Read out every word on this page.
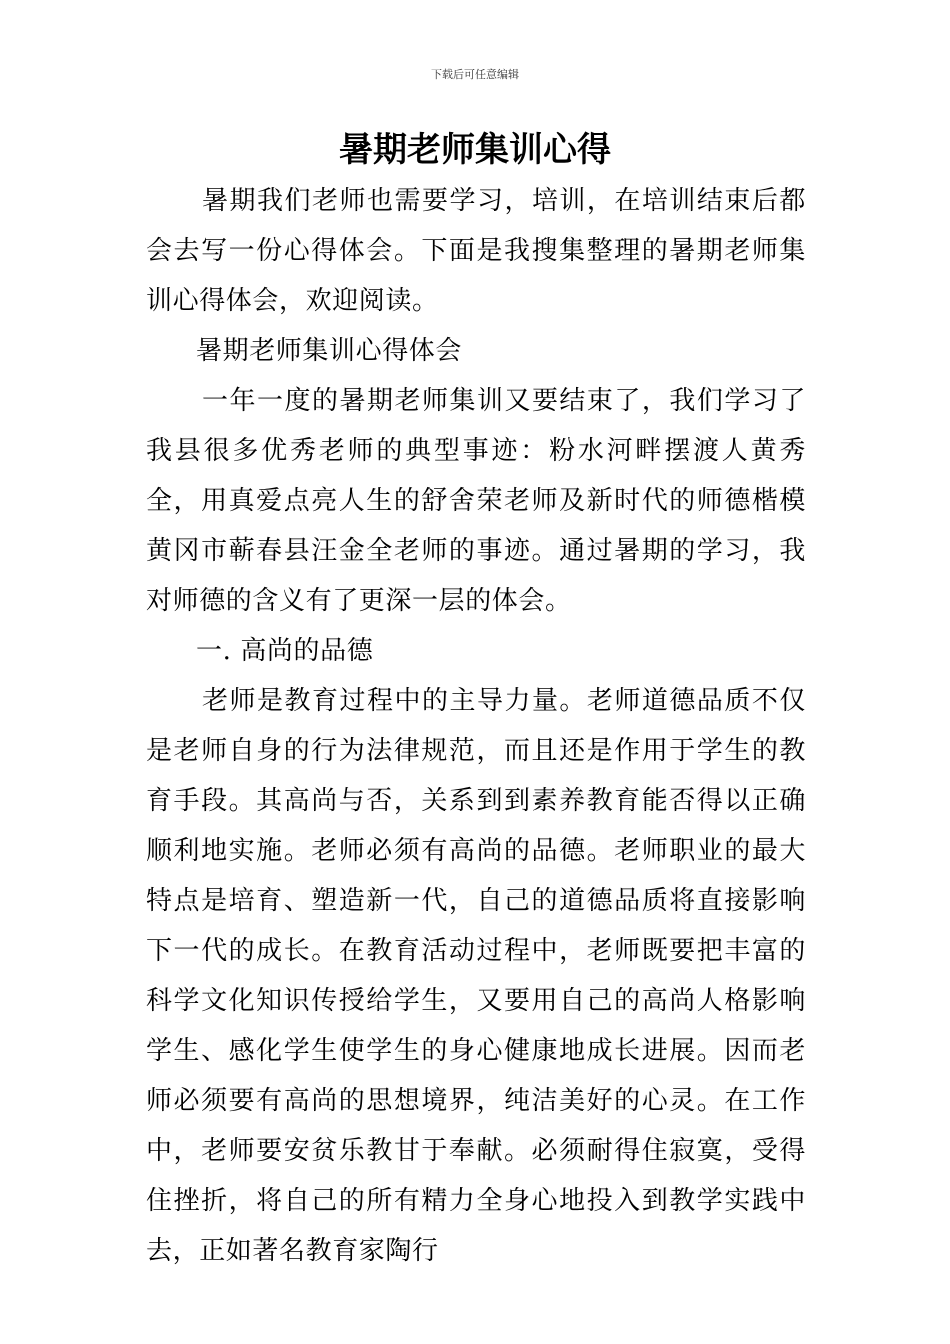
下载后可任意编辑
暑期老师集训心得

暑期我们老师也需要学习，培训，在培训结束后都会去写一份心得体会。下面是我搜集整理的暑期老师集训心得体会，欢迎阅读。

暑期老师集训心得体会

一年一度的暑期老师集训又要结束了，我们学习了我县很多优秀老师的典型事迹：粉水河畔摆渡人黄秀全，用真爱点亮人生的舒舍荣老师及新时代的师德楷模黄冈市蕲春县汪金全老师的事迹。通过暑期的学习，我对师德的含义有了更深一层的体会。

一. 高尚的品德

老师是教育过程中的主导力量。老师道德品质不仅是老师自身的行为法律规范，而且还是作用于学生的教育手段。其高尚与否，关系到到素养教育能否得以正确顺利地实施。老师必须有高尚的品德。老师职业的最大特点是培育、塑造新一代，自己的道德品质将直接影响下一代的成长。在教育活动过程中，老师既要把丰富的科学文化知识传授给学生，又要用自己的高尚人格影响学生、感化学生使学生的身心健康地成长进展。因而老师必须要有高尚的思想境界，纯洁美好的心灵。在工作中，老师要安贫乐教甘于奉献。必须耐得住寂寞，受得住挫折，将自己的所有精力全身心地投入到教学实践中去，正如著名教育家陶行
